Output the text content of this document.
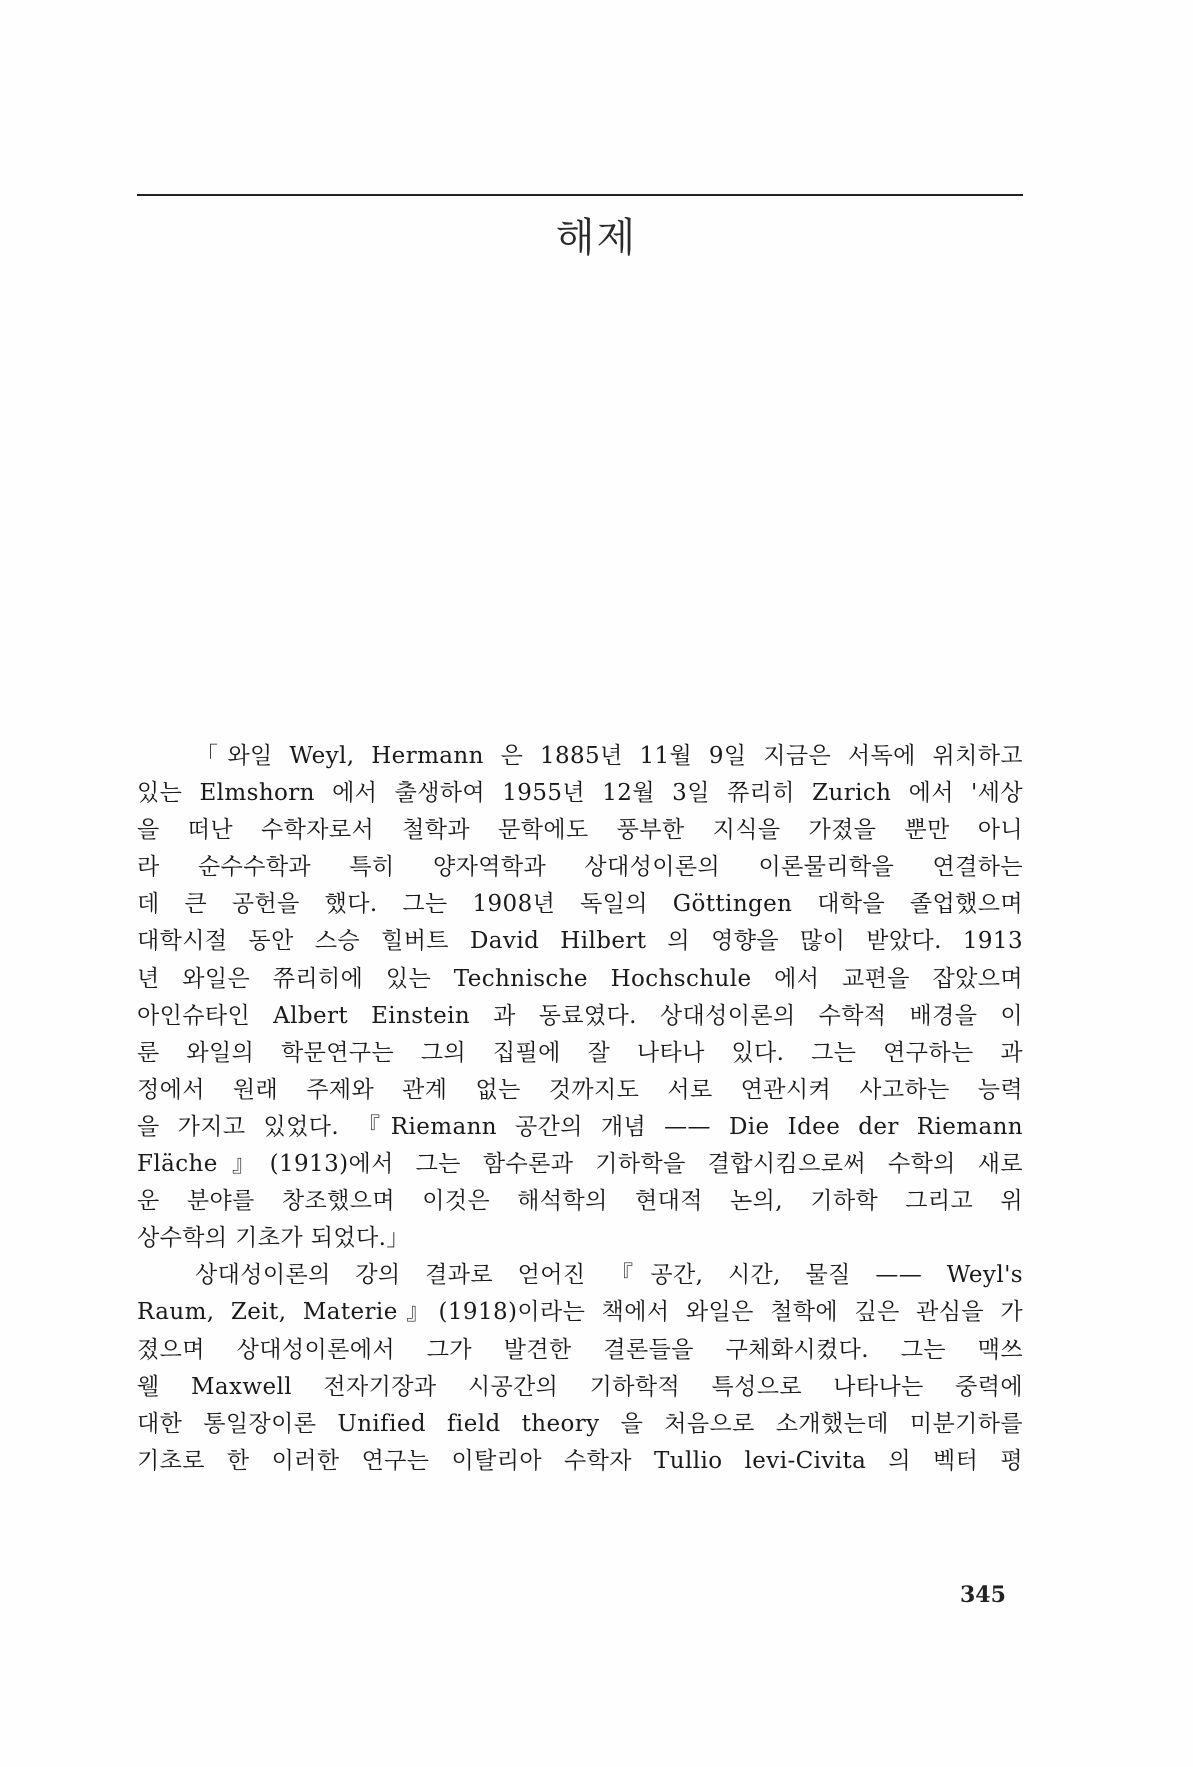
해제
「와일 Weyl, Hermann 은 1885년 11월 9일 지금은 서독에 위치하고
있는 Elmshorn 에서 출생하여 1955년 12월 3일 쮸리히 Zurich 에서 '세상
을 떠난 수학자로서 철학과 문학에도 풍부한 지식을 가졌을 뿐만 아니
라 순수수학과 특히 양자역학과 상대성이론의 이론물리학을 연결하는
데 큰 공헌을 했다. 그는 1908년 독일의 Göttingen 대학을 졸업했으며
대학시절 동안 스승 힐버트 David Hilbert 의 영향을 많이 받았다. 1913
년 와일은 쮸리히에 있는 Technische Hochschule 에서 교편을 잡았으며
아인슈타인 Albert Einstein 과 동료였다. 상대성이론의 수학적 배경을 이
룬 와일의 학문연구는 그의 집필에 잘 나타나 있다. 그는 연구하는 과
정에서 원래 주제와 관계 없는 것까지도 서로 연관시켜 사고하는 능력
을 가지고 있었다. 『Riemann 공간의 개념 —— Die Idee der Riemann
Fläche』(1913)에서 그는 함수론과 기하학을 결합시킴으로써 수학의 새로
운 분야를 창조했으며 이것은 해석학의 현대적 논의, 기하학 그리고 위
상수학의 기초가 되었다.」
상대성이론의 강의 결과로 얻어진 『공간, 시간, 물질 —— Weyl's
Raum, Zeit, Materie』(1918)이라는 책에서 와일은 철학에 깊은 관심을 가
졌으며 상대성이론에서 그가 발견한 결론들을 구체화시켰다. 그는 맥쓰
웰 Maxwell 전자기장과 시공간의 기하학적 특성으로 나타나는 중력에
대한 통일장이론 Unified field theory 을 처음으로 소개했는데 미분기하를
기초로 한 이러한 연구는 이탈리아 수학자 Tullio levi-Civita 의 벡터 평
345
